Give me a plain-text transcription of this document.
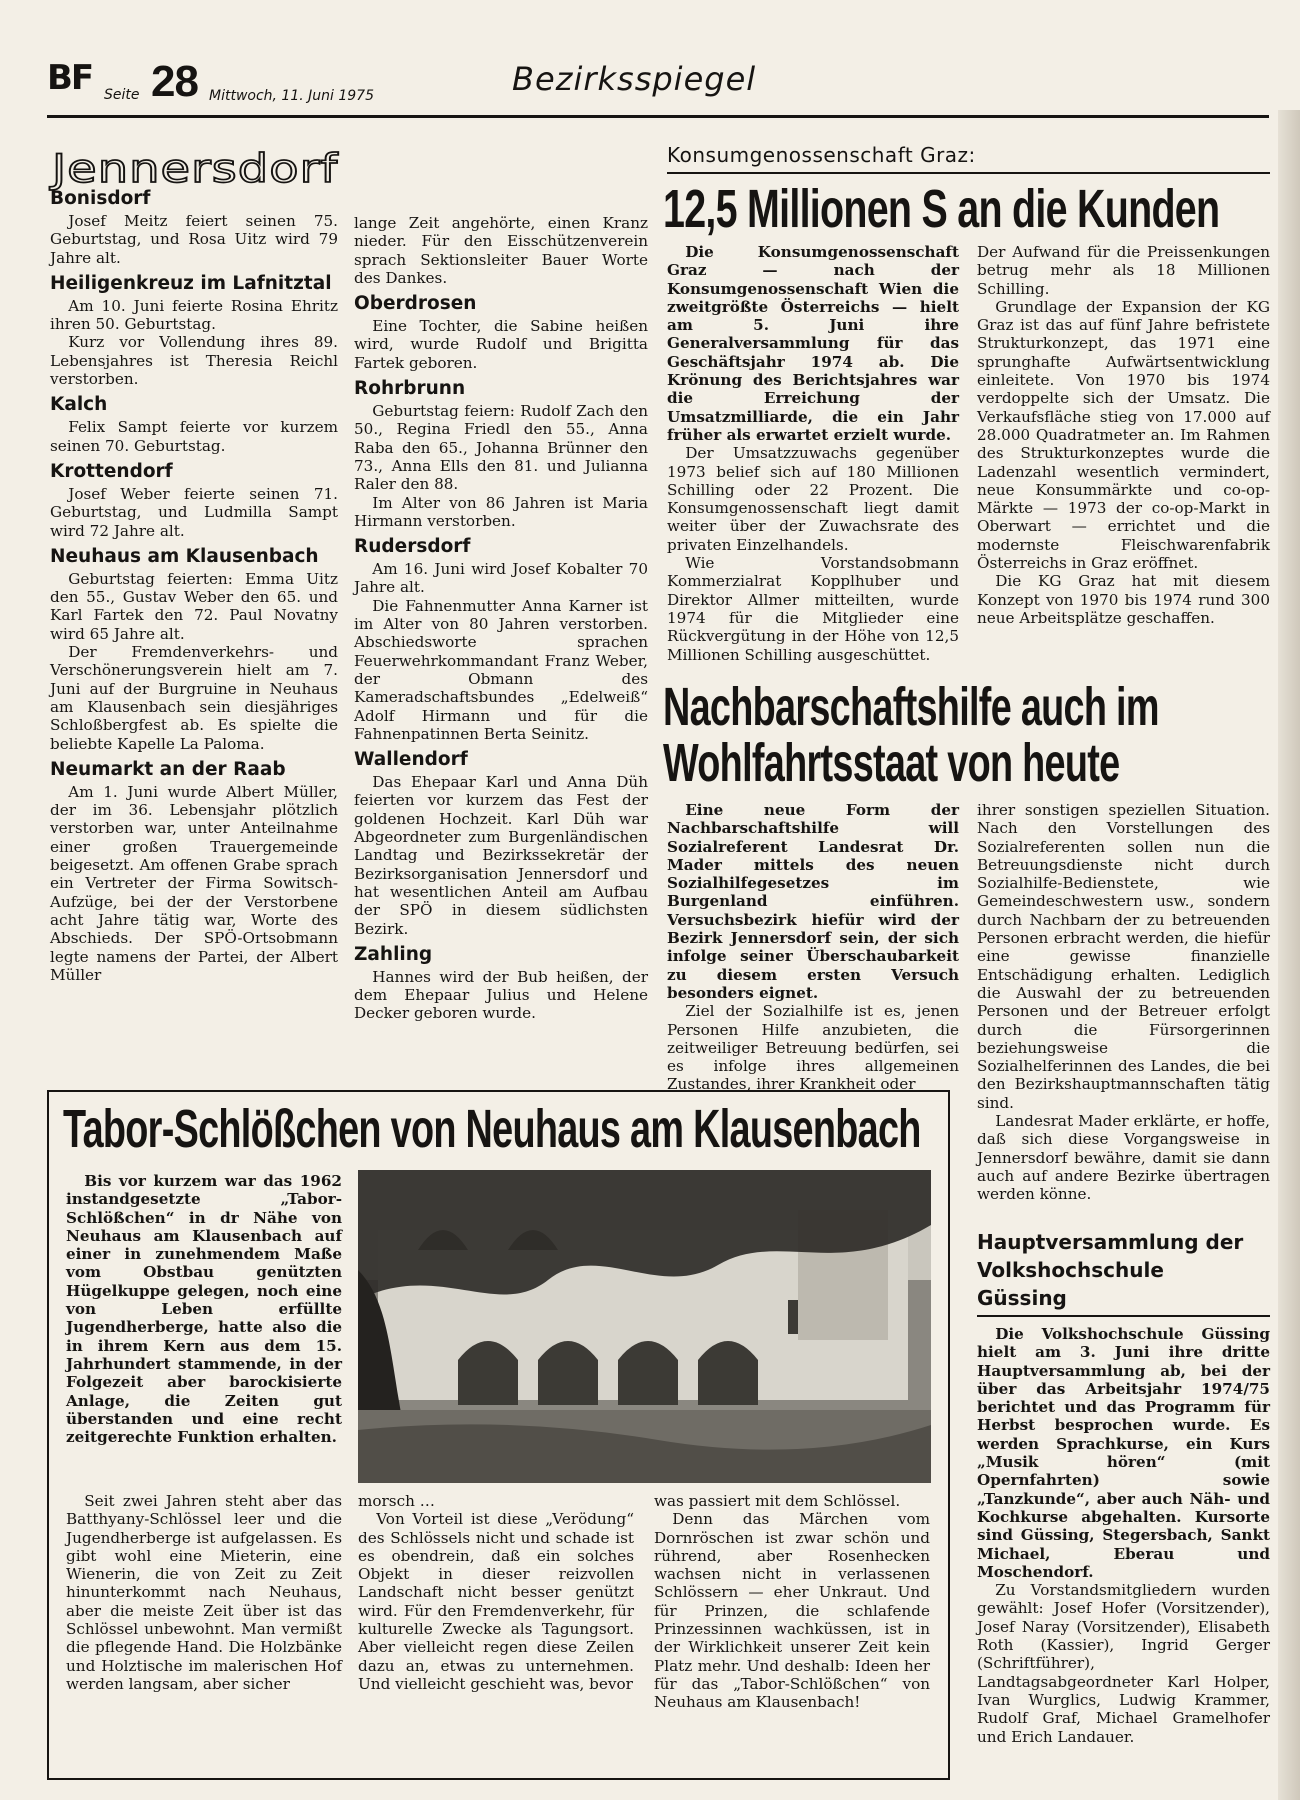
BF Seite 28 Mittwoch, 11. Juni 1975	Bezirksspiegel
Jennersdorf
Bonisdorf

Josef Meitz feiert seinen 75. Geburtstag, und Rosa Uitz wird 79 Jahre alt.

Heiligenkreuz im Lafnitztal

Am 10. Juni feierte Rosina Ehritz ihren 50. Geburtstag.

Kurz vor Vollendung ihres 89. Lebensjahres ist Theresia Reichl verstorben.

Kalch

Felix Sampt feierte vor kurzem seinen 70. Geburtstag.

Krottendorf

Josef Weber feierte seinen 71. Geburtstag, und Ludmilla Sampt wird 72 Jahre alt.

Neuhaus am Klausenbach

Geburtstag feierten: Emma Uitz den 55., Gustav Weber den 65. und Karl Fartek den 72. Paul Novatny wird 65 Jahre alt.

Der Fremdenverkehrs- und Verschönerungsverein hielt am 7. Juni auf der Burgruine in Neuhaus am Klausenbach sein diesjähriges Schloßbergfest ab. Es spielte die beliebte Kapelle La Paloma.

Neumarkt an der Raab

Am 1. Juni wurde Albert Müller, der im 36. Lebensjahr plötzlich verstorben war, unter Anteilnahme einer großen Trauergemeinde beigesetzt. Am offenen Grabe sprach ein Vertreter der Firma Sowitsch-Aufzüge, bei der der Verstorbene acht Jahre tätig war, Worte des Abschieds. Der SPÖ-Ortsobmann legte namens der Partei, der Albert Müller

lange Zeit angehörte, einen Kranz nieder. Für den Eisschützenverein sprach Sektionsleiter Bauer Worte des Dankes.

Oberdrosen

Eine Tochter, die Sabine heißen wird, wurde Rudolf und Brigitta Fartek geboren.

Rohrbrunn

Geburtstag feiern: Rudolf Zach den 50., Regina Friedl den 55., Anna Raba den 65., Johanna Brünner den 73., Anna Ells den 81. und Julianna Raler den 88.

Im Alter von 86 Jahren ist Maria Hirmann verstorben.

Rudersdorf

Am 16. Juni wird Josef Kobalter 70 Jahre alt.

Die Fahnenmutter Anna Karner ist im Alter von 80 Jahren verstorben. Abschiedsworte sprachen Feuerwehrkommandant Franz Weber, der Obmann des Kameradschaftsbundes „Edelweiß“ Adolf Hirmann und für die Fahnenpatinnen Berta Seinitz.

Wallendorf

Das Ehepaar Karl und Anna Düh feierten vor kurzem das Fest der goldenen Hochzeit. Karl Düh war Abgeordneter zum Burgenländischen Landtag und Bezirkssekretär der Bezirksorganisation Jennersdorf und hat wesentlichen Anteil am Aufbau der SPÖ in diesem südlichsten Bezirk.

Zahling

Hannes wird der Bub heißen, der dem Ehepaar Julius und Helene Decker geboren wurde.

Konsumgenossenschaft Graz:
12,5 Millionen S an die Kunden

Die Konsumgenossenschaft Graz — nach der Konsumgenossenschaft Wien die zweitgrößte Österreichs — hielt am 5. Juni ihre Generalversammlung für das Geschäftsjahr 1974 ab. Die Krönung des Berichtsjahres war die Erreichung der Umsatzmilliarde, die ein Jahr früher als erwartet erzielt wurde.

Der Umsatzzuwachs gegenüber 1973 belief sich auf 180 Millionen Schilling oder 22 Prozent. Die Konsumgenossenschaft liegt damit weiter über der Zuwachsrate des privaten Einzelhandels.

Wie Vorstandsobmann Kommerzialrat Kopplhuber und Direktor Allmer mitteilten, wurde 1974 für die Mitglieder eine Rückvergütung in der Höhe von 12,5 Millionen Schilling ausgeschüttet.

Der Aufwand für die Preissenkungen betrug mehr als 18 Millionen Schilling.

Grundlage der Expansion der KG Graz ist das auf fünf Jahre befristete Strukturkonzept, das 1971 eine sprunghafte Aufwärtsentwicklung einleitete. Von 1970 bis 1974 verdoppelte sich der Umsatz. Die Verkaufsfläche stieg von 17.000 auf 28.000 Quadratmeter an. Im Rahmen des Strukturkonzeptes wurde die Ladenzahl wesentlich vermindert, neue Konsummärkte und co-op-Märkte — 1973 der co-op-Markt in Oberwart — errichtet und die modernste Fleischwarenfabrik Österreichs in Graz eröffnet.

Die KG Graz hat mit diesem Konzept von 1970 bis 1974 rund 300 neue Arbeitsplätze geschaffen.

Nachbarschaftshilfe auch im
Wohlfahrtsstaat von heute

Eine neue Form der Nachbarschaftshilfe will Sozialreferent Landesrat Dr. Mader mittels des neuen Sozialhilfegesetzes im Burgenland einführen. Versuchsbezirk hiefür wird der Bezirk Jennersdorf sein, der sich infolge seiner Überschaubarkeit zu diesem ersten Versuch besonders eignet.

Ziel der Sozialhilfe ist es, jenen Personen Hilfe anzubieten, die zeitweiliger Betreuung bedürfen, sei es infolge ihres allgemeinen Zustandes, ihrer Krankheit oder

ihrer sonstigen speziellen Situation. Nach den Vorstellungen des Sozialreferenten sollen nun die Betreuungsdienste nicht durch Sozialhilfe-Bedienstete, wie Gemeindeschwestern usw., sondern durch Nachbarn der zu betreuenden Personen erbracht werden, die hiefür eine gewisse finanzielle Entschädigung erhalten. Lediglich die Auswahl der zu betreuenden Personen und der Betreuer erfolgt durch die Fürsorgerinnen beziehungsweise die Sozialhelferinnen des Landes, die bei den Bezirkshauptmannschaften tätig sind.

Landesrat Mader erklärte, er hoffe, daß sich diese Vorgangsweise in Jennersdorf bewähre, damit sie dann auch auf andere Bezirke übertragen werden könne.

Tabor-Schlößchen von Neuhaus am Klausenbach

Bis vor kurzem war das 1962 instandgesetzte „Tabor-Schlößchen“ in dr Nähe von Neuhaus am Klausenbach auf einer in zunehmendem Maße vom Obstbau genützten Hügelkuppe gelegen, noch eine von Leben erfüllte Jugendherberge, hatte also die in ihrem Kern aus dem 15. Jahrhundert stammende, in der Folgezeit aber barockisierte Anlage, die Zeiten gut überstanden und eine recht zeitgerechte Funktion erhalten.

Seit zwei Jahren steht aber das Batthyany-Schlössel leer und die Jugendherberge ist aufgelassen. Es gibt wohl eine Mieterin, eine Wienerin, die von Zeit zu Zeit hinunterkommt nach Neuhaus, aber die meiste Zeit über ist das Schlössel unbewohnt. Man vermißt die pflegende Hand. Die Holzbänke und Holztische im malerischen Hof werden langsam, aber sicher

morsch …

Von Vorteil ist diese „Verödung“ des Schlössels nicht und schade ist es obendrein, daß ein solches Objekt in dieser reizvollen Landschaft nicht besser genützt wird. Für den Fremdenverkehr, für kulturelle Zwecke als Tagungsort. Aber vielleicht regen diese Zeilen dazu an, etwas zu unternehmen. Und vielleicht geschieht was, bevor

was passiert mit dem Schlössel.

Denn das Märchen vom Dornröschen ist zwar schön und rührend, aber Rosenhecken wachsen nicht in verlassenen Schlössern — eher Unkraut. Und für Prinzen, die schlafende Prinzessinnen wachküssen, ist in der Wirklichkeit unserer Zeit kein Platz mehr. Und deshalb: Ideen her für das „Tabor-Schlößchen“ von Neuhaus am Klausenbach!

Hauptversammlung der Volkshochschule Güssing

Die Volkshochschule Güssing hielt am 3. Juni ihre dritte Hauptversammlung ab, bei der über das Arbeitsjahr 1974/75 berichtet und das Programm für Herbst besprochen wurde. Es werden Sprachkurse, ein Kurs „Musik hören“ (mit Opernfahrten) sowie „Tanzkunde“, aber auch Näh- und Kochkurse abgehalten. Kursorte sind Güssing, Stegersbach, Sankt Michael, Eberau und Moschendorf.

Zu Vorstandsmitgliedern wurden gewählt: Josef Hofer (Vorsitzender), Josef Naray (Vorsitzender), Elisabeth Roth (Kassier), Ingrid Gerger (Schriftführer), Landtagsabgeordneter Karl Holper, Ivan Wurglics, Ludwig Krammer, Rudolf Graf, Michael Gramelhofer und Erich Landauer.
